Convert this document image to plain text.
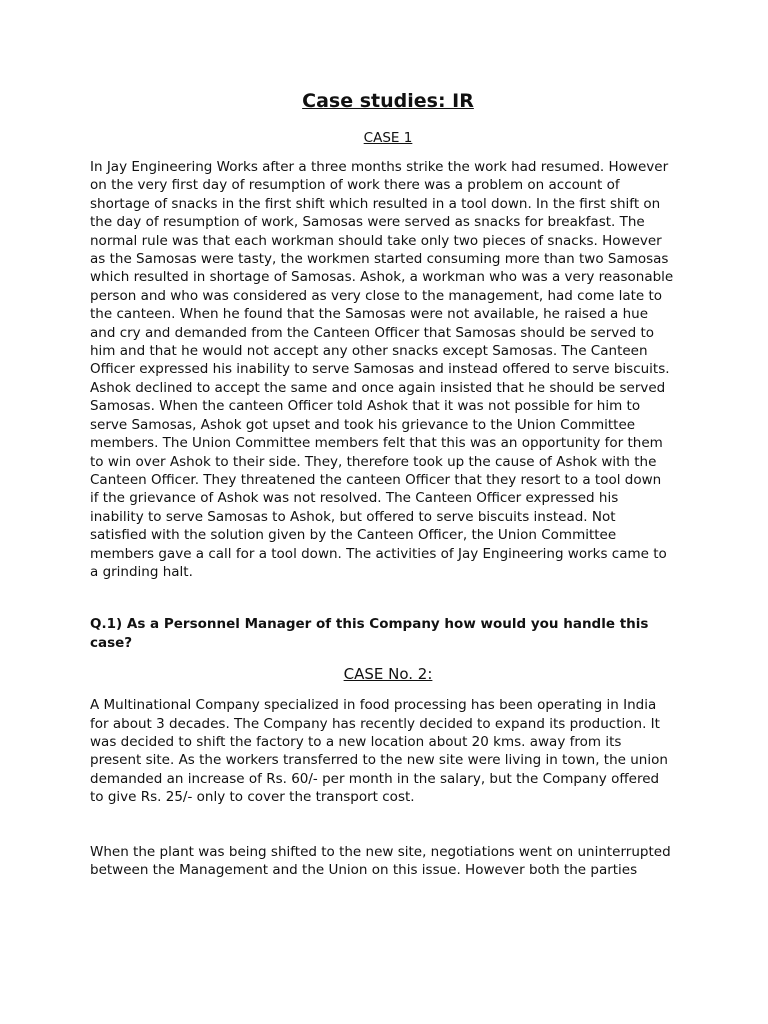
Case studies: IR
CASE 1

In Jay Engineering Works after a three months strike the work had resumed. However
on the very first day of resumption of work there was a problem on account of
shortage of snacks in the first shift which resulted in a tool down. In the first shift on
the day of resumption of work, Samosas were served as snacks for breakfast. The
normal rule was that each workman should take only two pieces of snacks. However
as the Samosas were tasty, the workmen started consuming more than two Samosas
which resulted in shortage of Samosas. Ashok, a workman who was a very reasonable
person and who was considered as very close to the management, had come late to
the canteen. When he found that the Samosas were not available, he raised a hue
and cry and demanded from the Canteen Officer that Samosas should be served to
him and that he would not accept any other snacks except Samosas. The Canteen
Officer expressed his inability to serve Samosas and instead offered to serve biscuits.
Ashok declined to accept the same and once again insisted that he should be served
Samosas. When the canteen Officer told Ashok that it was not possible for him to
serve Samosas, Ashok got upset and took his grievance to the Union Committee
members. The Union Committee members felt that this was an opportunity for them
to win over Ashok to their side. They, therefore took up the cause of Ashok with the
Canteen Officer. They threatened the canteen Officer that they resort to a tool down
if the grievance of Ashok was not resolved. The Canteen Officer expressed his
inability to serve Samosas to Ashok, but offered to serve biscuits instead. Not
satisfied with the solution given by the Canteen Officer, the Union Committee
members gave a call for a tool down. The activities of Jay Engineering works came to
a grinding halt.

Q.1) As a Personnel Manager of this Company how would you handle this
case?

CASE No. 2:

A Multinational Company specialized in food processing has been operating in India
for about 3 decades. The Company has recently decided to expand its production. It
was decided to shift the factory to a new location about 20 kms. away from its
present site. As the workers transferred to the new site were living in town, the union
demanded an increase of Rs. 60/- per month in the salary, but the Company offered
to give Rs. 25/- only to cover the transport cost.

When the plant was being shifted to the new site, negotiations went on uninterrupted
between the Management and the Union on this issue. However both the parties
